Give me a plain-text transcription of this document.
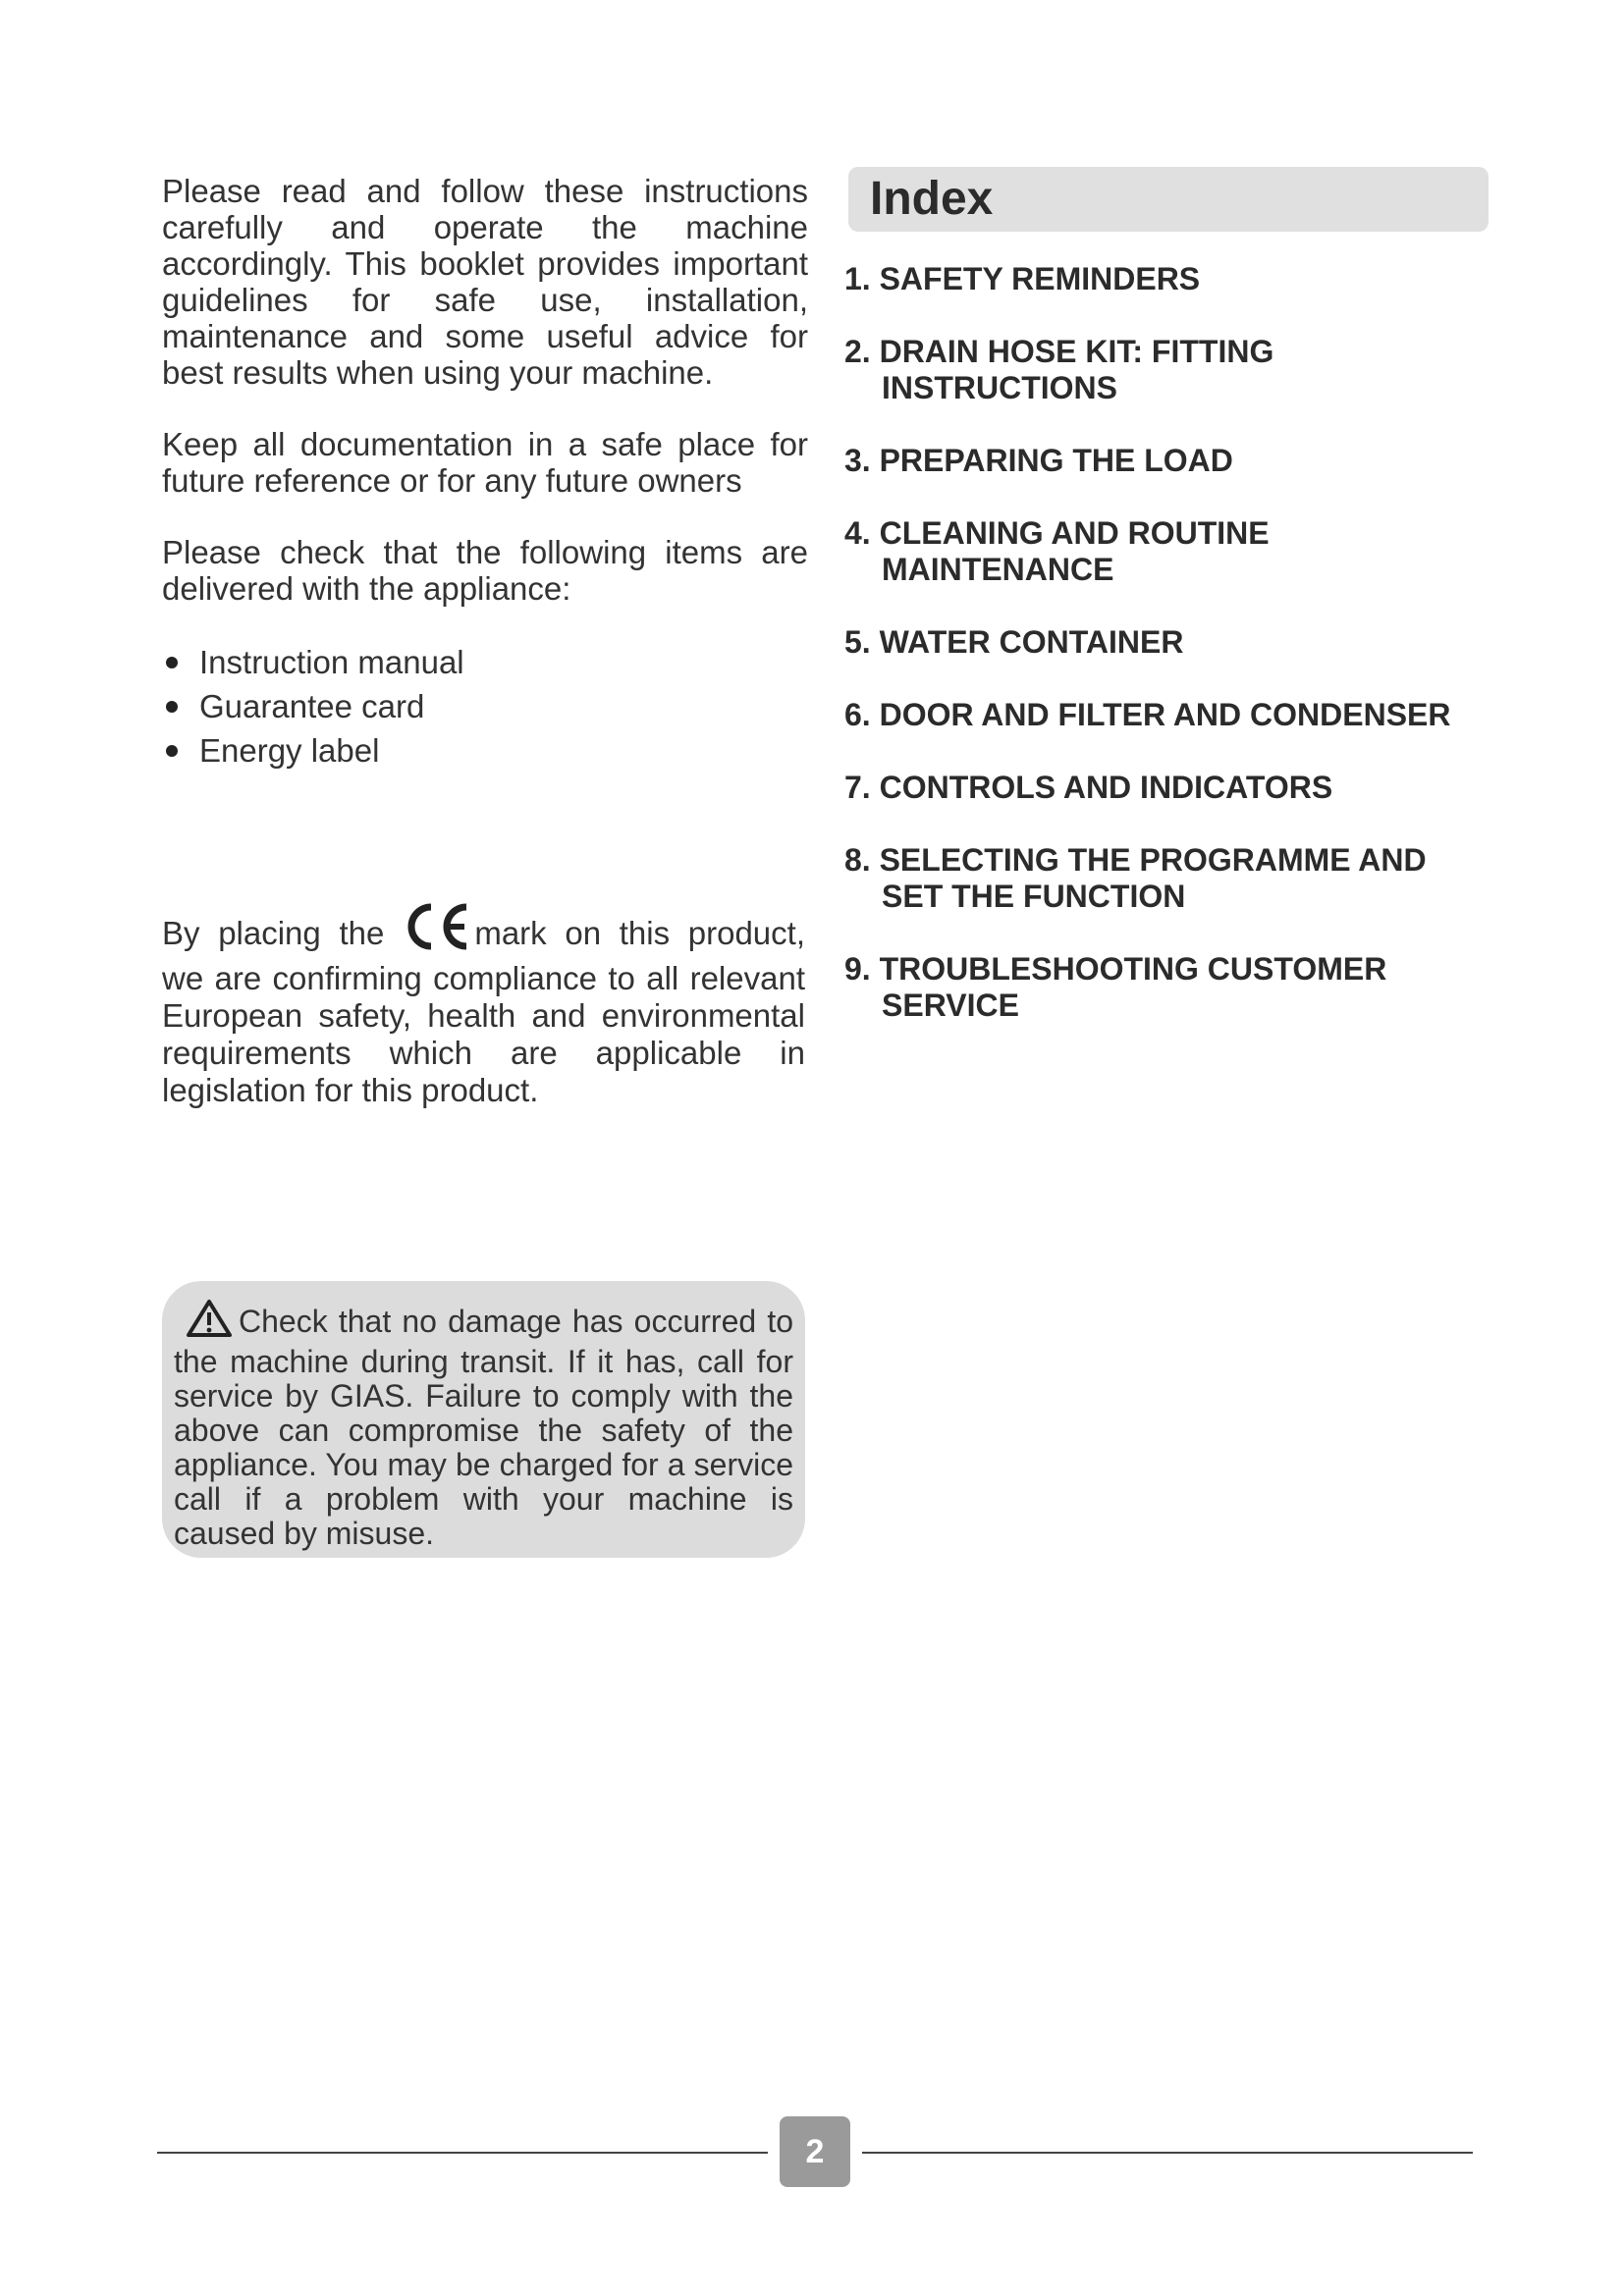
Please read and follow these instructions carefully and operate the machine accordingly. This booklet provides important guidelines for safe use, installation, maintenance and some useful advice for best results when using your machine.

Keep all documentation in a safe place for future reference or for any future owners

Please check that the following items are delivered with the appliance:

Instruction manual
Guarantee card
Energy label

By placing the	mark on this product, we are confirming compliance to all relevant European safety, health and environmental requirements which are applicable in legislation for this product.

Check that no damage has occurred to the machine during transit. If it has, call for service by GIAS. Failure to comply with the above can compromise the safety of the appliance. You may be charged for a service call if a problem with your machine is caused by misuse.
Index
1. SAFETY REMINDERS
2. DRAIN HOSE KIT: FITTING
INSTRUCTIONS
3. PREPARING THE LOAD
4. CLEANING AND ROUTINE
MAINTENANCE
5. WATER CONTAINER
6. DOOR AND FILTER AND CONDENSER
7. CONTROLS AND INDICATORS
8. SELECTING THE PROGRAMME AND
SET THE FUNCTION
9. TROUBLESHOOTING CUSTOMER
SERVICE
2
